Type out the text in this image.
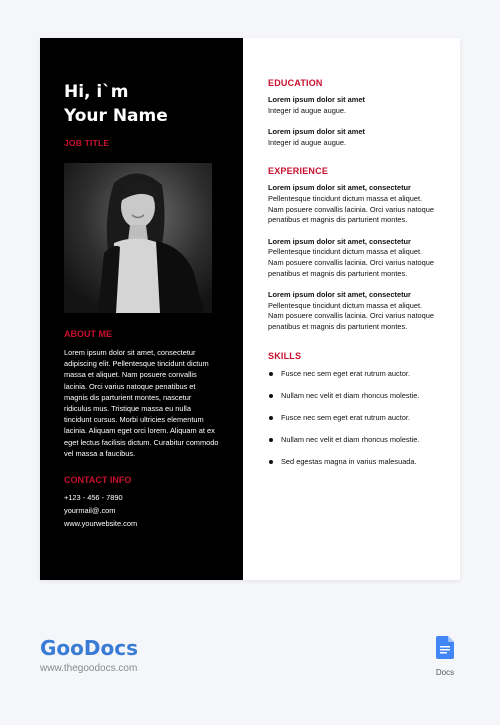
Hi, i`m
Your Name
JOB TITLE
ABOUT ME

Lorem ipsum dolor sit amet, consectetur adipiscing elit. Pellentesque tincidunt dictum massa et aliquet. Nam posuere convallis lacinia. Orci varius natoque penatibus et magnis dis parturient montes, nascetur ridiculus mus. Tristique massa eu nulla tincidunt cursus. Morbi ultricies elementum lacinia. Aliquam eget orci lorem. Aliquam at ex eget lectus facilisis dictum. Curabitur commodo vel massa a faucibus.

CONTACT INFO
+123 - 456 - 7890
yourmail@.com
www.yourwebsite.com
EDUCATION
Lorem ipsum dolor sit amet
Integer id augue augue.
Lorem ipsum dolor sit amet
Integer id augue augue.
EXPERIENCE
Lorem ipsum dolor sit amet, consectetur
Pellentesque tincidunt dictum massa et aliquet. Nam posuere convallis lacinia. Orci varius natoque penatibus et magnis dis parturient montes.
Lorem ipsum dolor sit amet, consectetur
Pellentesque tincidunt dictum massa et aliquet. Nam posuere convallis lacinia. Orci varius natoque penatibus et magnis dis parturient montes.
Lorem ipsum dolor sit amet, consectetur
Pellentesque tincidunt dictum massa et aliquet. Nam posuere convallis lacinia. Orci varius natoque penatibus et magnis dis parturient montes.
SKILLS
Fusce nec sem eget erat rutrum auctor.
Nullam nec velit et diam rhoncus molestie.
Fusce nec sem eget erat rutrum auctor.
Nullam nec velit et diam rhoncus molestie.
Sed egestas magna in varius malesuada.
GooDocs
www.thegoodocs.com	Docs
